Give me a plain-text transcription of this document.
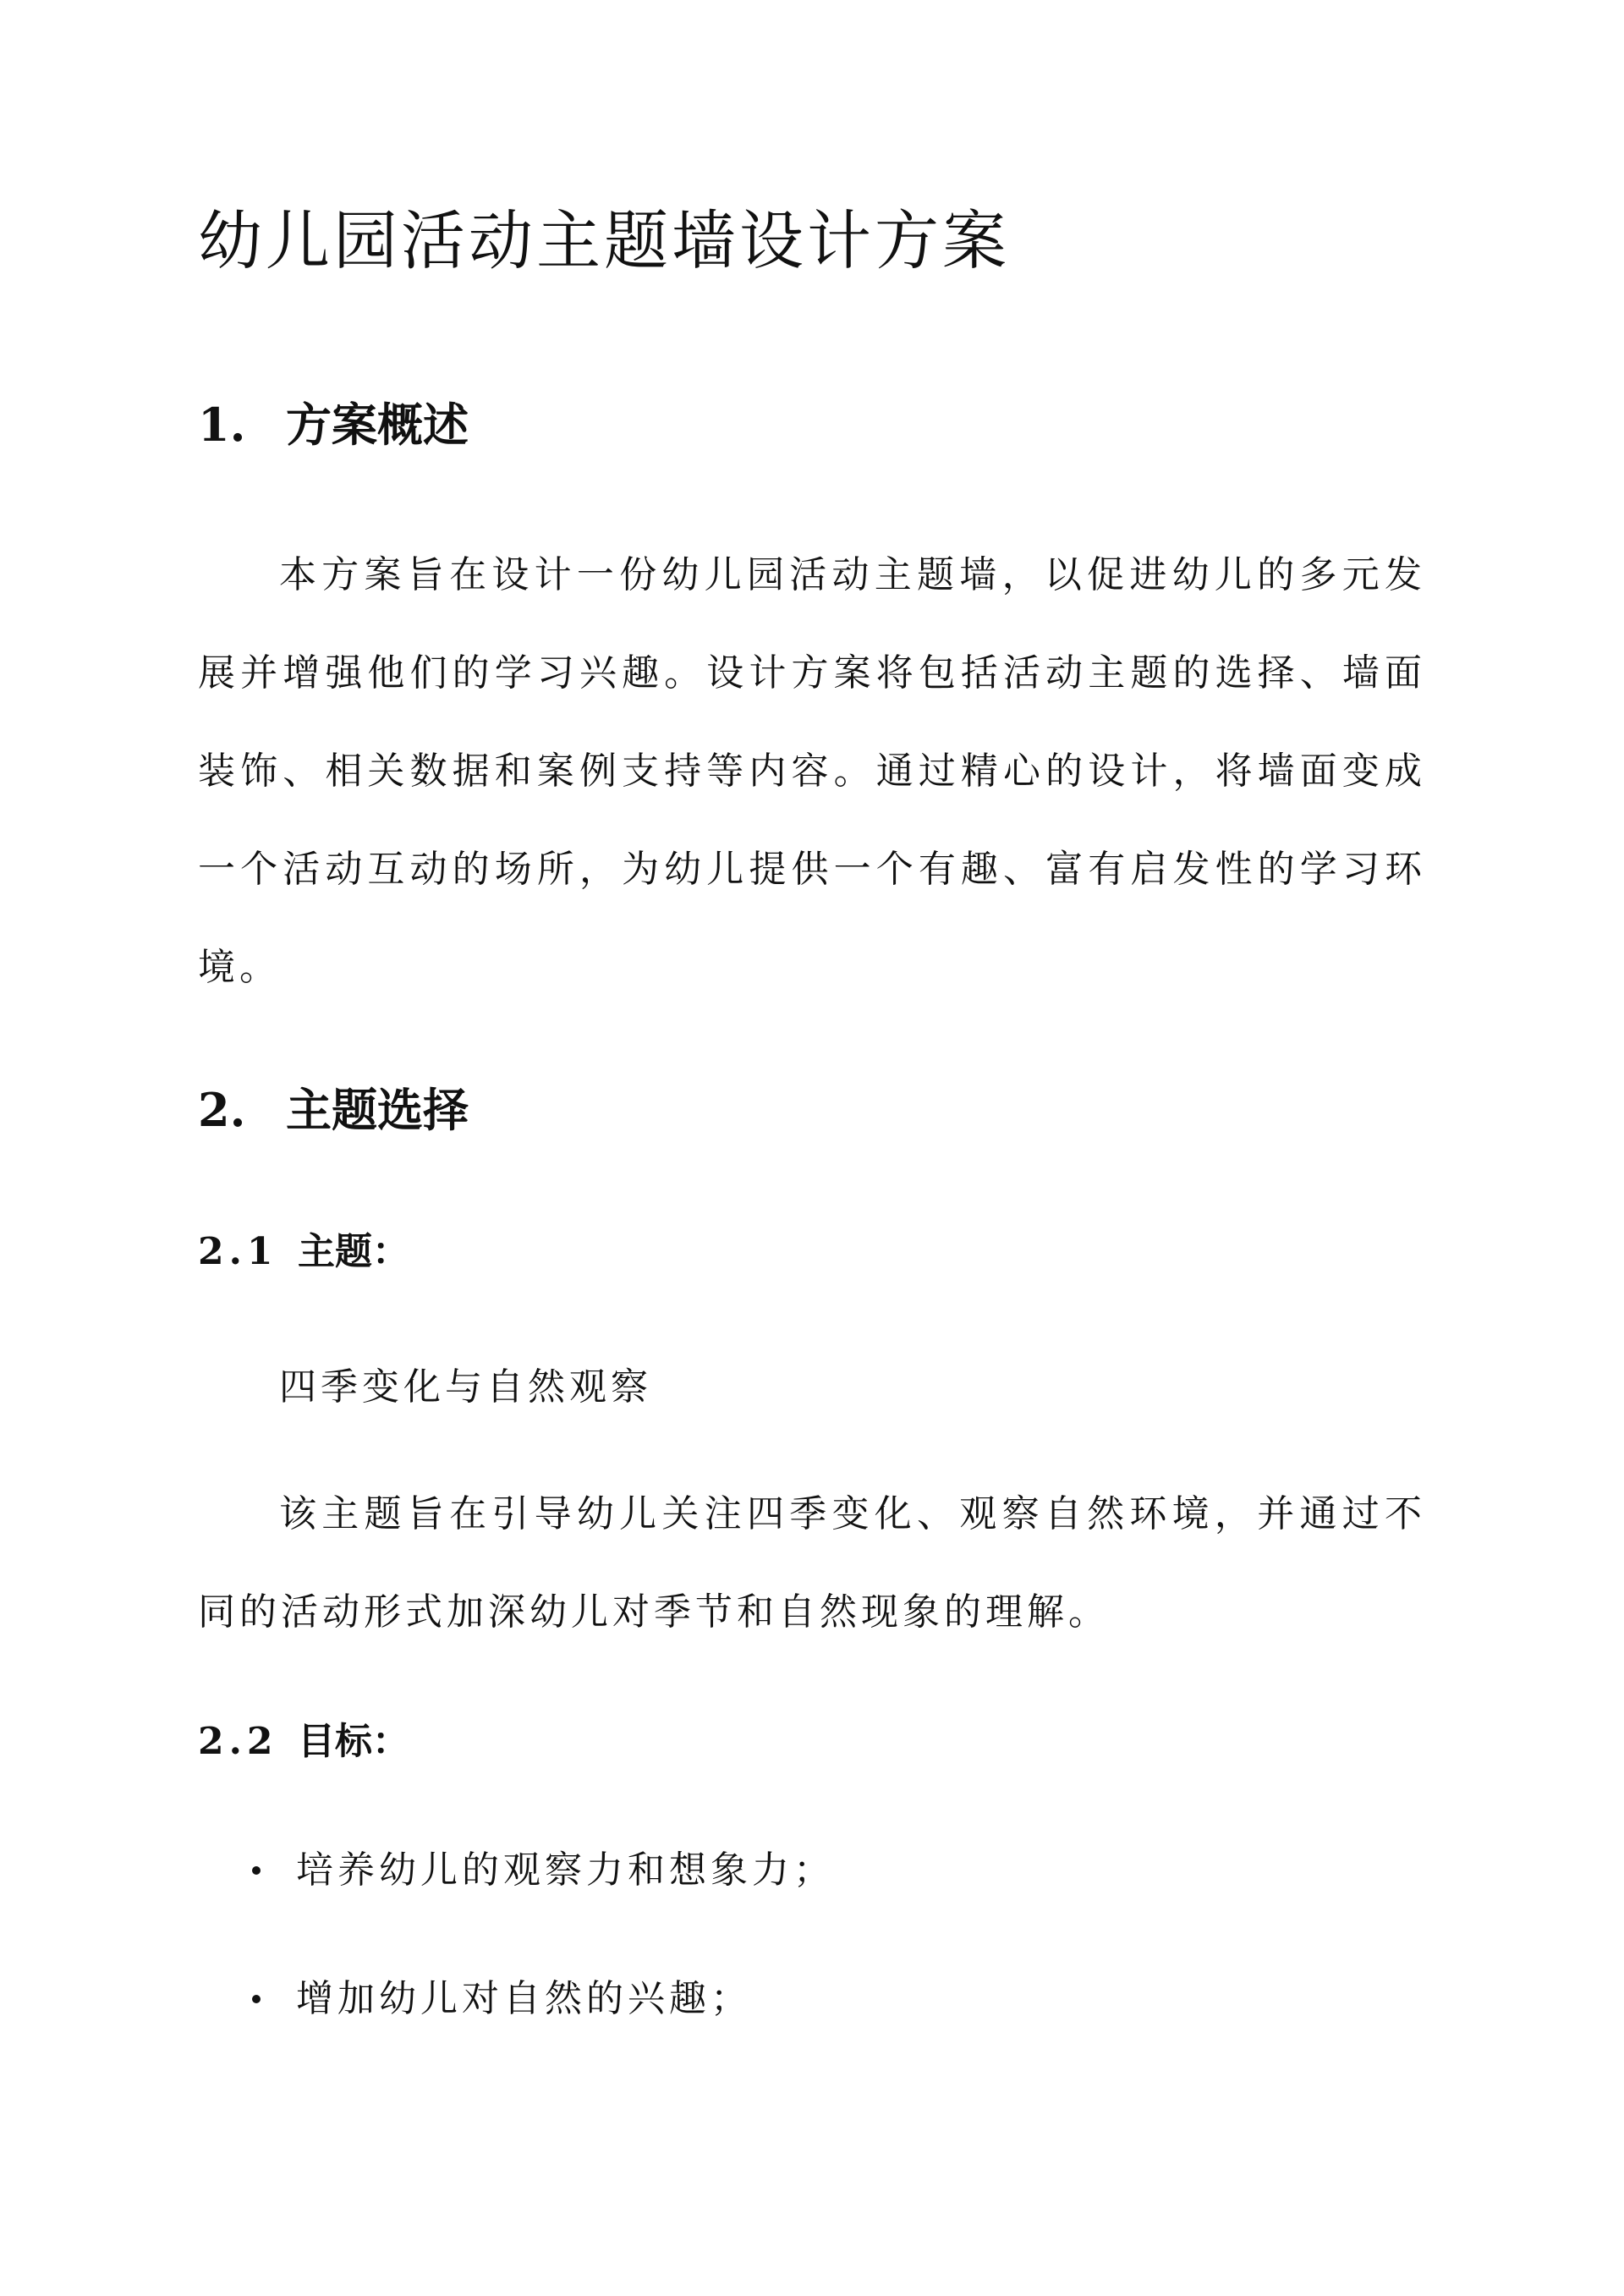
幼儿园活动主题墙设计方案
1. 方案概述

本方案旨在设计一份幼儿园活动主题墙，以促进幼儿的多元发展并增强他们的学习兴趣。设计方案将包括活动主题的选择、墙面装饰、相关数据和案例支持等内容。通过精心的设计，将墙面变成一个活动互动的场所，为幼儿提供一个有趣、富有启发性的学习环境。

2. 主题选择
2.1 主题：

四季变化与自然观察

该主题旨在引导幼儿关注四季变化、观察自然环境，并通过不同的活动形式加深幼儿对季节和自然现象的理解。

2.2 目标：
培养幼儿的观察力和想象力；
增加幼儿对自然的兴趣；
